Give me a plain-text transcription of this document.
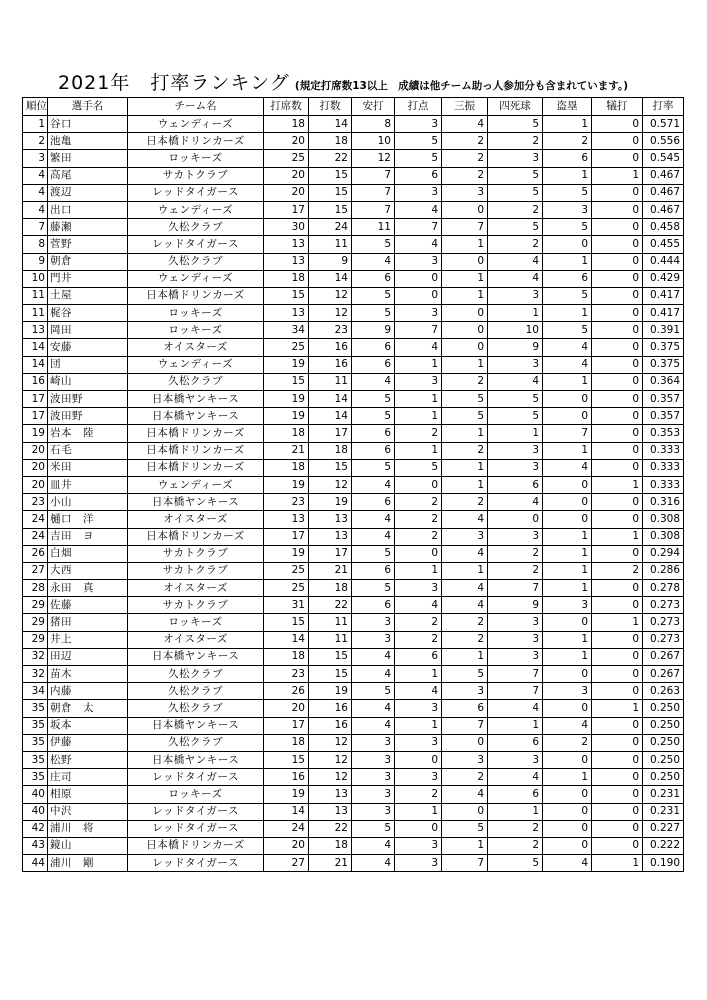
2021年　打率ランキング (規定打席数13以上　成績は他チーム助っ人参加分も含まれています。)
順位	選手名	チーム名	打席数	打数	安打	打点	三振	四死球	盗塁	犠打	打率
1	谷口	ウェンディーズ	18	14	8	3	4	5	1	0	0.571
2	池亀	日本橋ドリンカーズ	20	18	10	5	2	2	2	0	0.556
3	繁田	ロッキーズ	25	22	12	5	2	3	6	0	0.545
4	高尾	サカトクラブ	20	15	7	6	2	5	1	1	0.467
4	渡辺	レッドタイガース	20	15	7	3	3	5	5	0	0.467
4	出口	ウェンディーズ	17	15	7	4	0	2	3	0	0.467
7	藤瀬	久松クラブ	30	24	11	7	7	5	5	0	0.458
8	菅野	レッドタイガース	13	11	5	4	1	2	0	0	0.455
9	朝倉	久松クラブ	13	9	4	3	0	4	1	0	0.444
10	門井	ウェンディーズ	18	14	6	0	1	4	6	0	0.429
11	土屋	日本橋ドリンカーズ	15	12	5	0	1	3	5	0	0.417
11	梶谷	ロッキーズ	13	12	5	3	0	1	1	0	0.417
13	岡田	ロッキーズ	34	23	9	7	0	10	5	0	0.391
14	安藤	オイスターズ	25	16	6	4	0	9	4	0	0.375
14	団	ウェンディーズ	19	16	6	1	1	3	4	0	0.375
16	崎山	久松クラブ	15	11	4	3	2	4	1	0	0.364
17	波田野	日本橋ヤンキース	19	14	5	1	5	5	0	0	0.357
17	波田野	日本橋ヤンキース	19	14	5	1	5	5	0	0	0.357
19	岩本　陸	日本橋ドリンカーズ	18	17	6	2	1	1	7	0	0.353
20	石毛	日本橋ドリンカーズ	21	18	6	1	2	3	1	0	0.333
20	米田	日本橋ドリンカーズ	18	15	5	5	1	3	4	0	0.333
20	皿井	ウェンディーズ	19	12	4	0	1	6	0	1	0.333
23	小山	日本橋ヤンキース	23	19	6	2	2	4	0	0	0.316
24	樋口　洋	オイスターズ	13	13	4	2	4	0	0	0	0.308
24	吉田　ヨ	日本橋ドリンカーズ	17	13	4	2	3	3	1	1	0.308
26	白畑	サカトクラブ	19	17	5	0	4	2	1	0	0.294
27	大西	サカトクラブ	25	21	6	1	1	2	1	2	0.286
28	永田　真	オイスターズ	25	18	5	3	4	7	1	0	0.278
29	佐藤	サカトクラブ	31	22	6	4	4	9	3	0	0.273
29	猪田	ロッキーズ	15	11	3	2	2	3	0	1	0.273
29	井上	オイスターズ	14	11	3	2	2	3	1	0	0.273
32	田辺	日本橋ヤンキース	18	15	4	6	1	3	1	0	0.267
32	苗木	久松クラブ	23	15	4	1	5	7	0	0	0.267
34	内藤	久松クラブ	26	19	5	4	3	7	3	0	0.263
35	朝倉　太	久松クラブ	20	16	4	3	6	4	0	1	0.250
35	坂本	日本橋ヤンキース	17	16	4	1	7	1	4	0	0.250
35	伊藤	久松クラブ	18	12	3	3	0	6	2	0	0.250
35	松野	日本橋ヤンキース	15	12	3	0	3	3	0	0	0.250
35	庄司	レッドタイガース	16	12	3	3	2	4	1	0	0.250
40	相原	ロッキーズ	19	13	3	2	4	6	0	0	0.231
40	中沢	レッドタイガース	14	13	3	1	0	1	0	0	0.231
42	浦川　将	レッドタイガース	24	22	5	0	5	2	0	0	0.227
43	鏡山	日本橋ドリンカーズ	20	18	4	3	1	2	0	0	0.222
44	浦川　剛	レッドタイガース	27	21	4	3	7	5	4	1	0.190
